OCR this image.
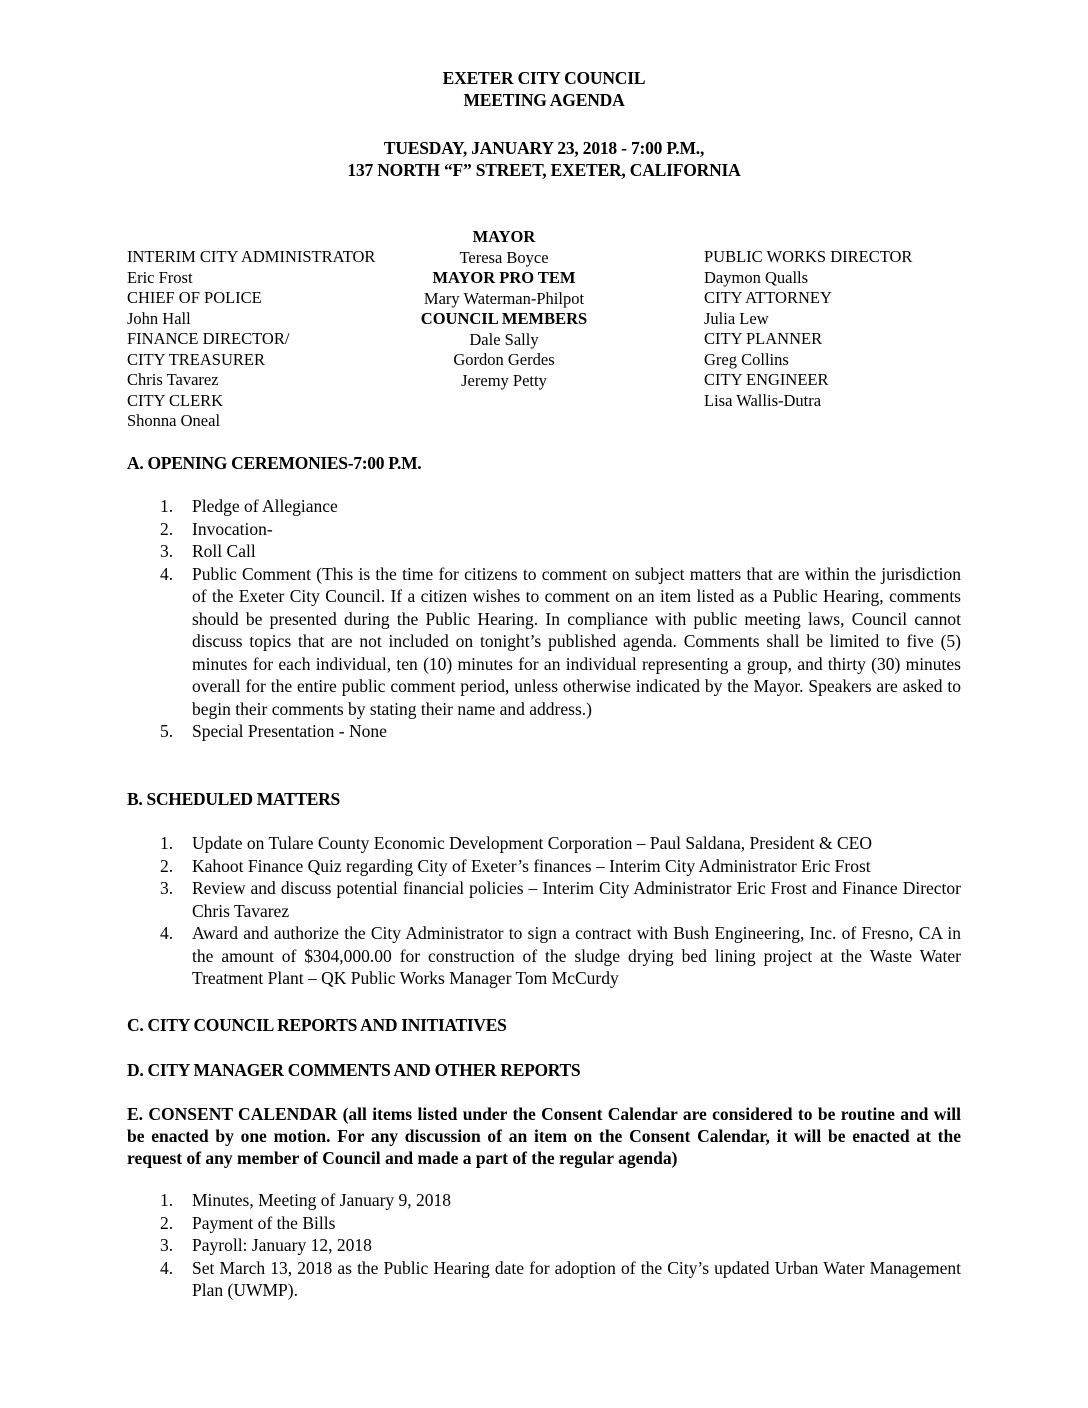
EXETER CITY COUNCIL
MEETING AGENDA
TUESDAY, JANUARY 23, 2018 - 7:00 P.M.,
137 NORTH “F” STREET, EXETER, CALIFORNIA
INTERIM CITY ADMINISTRATOR
Eric Frost
CHIEF OF POLICE
John Hall
FINANCE DIRECTOR/
CITY TREASURER
Chris Tavarez
CITY CLERK
Shonna Oneal
MAYOR
Teresa Boyce
MAYOR PRO TEM
Mary Waterman-Philpot
COUNCIL MEMBERS
Dale Sally
Gordon Gerdes
Jeremy Petty
PUBLIC WORKS DIRECTOR
Daymon Qualls
CITY ATTORNEY
Julia Lew
CITY PLANNER
Greg Collins
CITY ENGINEER
Lisa Wallis-Dutra
A. OPENING CEREMONIES-7:00 P.M.
1. Pledge of Allegiance
2. Invocation-
3. Roll Call
4. Public Comment (This is the time for citizens to comment on subject matters that are within the jurisdiction of the Exeter City Council. If a citizen wishes to comment on an item listed as a Public Hearing, comments should be presented during the Public Hearing. In compliance with public meeting laws, Council cannot discuss topics that are not included on tonight’s published agenda. Comments shall be limited to five (5) minutes for each individual, ten (10) minutes for an individual representing a group, and thirty (30) minutes overall for the entire public comment period, unless otherwise indicated by the Mayor. Speakers are asked to begin their comments by stating their name and address.)
5. Special Presentation - None
B. SCHEDULED MATTERS
1. Update on Tulare County Economic Development Corporation – Paul Saldana, President & CEO
2. Kahoot Finance Quiz regarding City of Exeter’s finances – Interim City Administrator Eric Frost
3. Review and discuss potential financial policies – Interim City Administrator Eric Frost and Finance Director Chris Tavarez
4. Award and authorize the City Administrator to sign a contract with Bush Engineering, Inc. of Fresno, CA in the amount of $304,000.00 for construction of the sludge drying bed lining project at the Waste Water Treatment Plant – QK Public Works Manager Tom McCurdy
C. CITY COUNCIL REPORTS AND INITIATIVES
D. CITY MANAGER COMMENTS AND OTHER REPORTS
E. CONSENT CALENDAR (all items listed under the Consent Calendar are considered to be routine and will be enacted by one motion. For any discussion of an item on the Consent Calendar, it will be enacted at the request of any member of Council and made a part of the regular agenda)
1. Minutes, Meeting of January 9, 2018
2. Payment of the Bills
3. Payroll: January 12, 2018
4. Set March 13, 2018 as the Public Hearing date for adoption of the City’s updated Urban Water Management Plan (UWMP).
